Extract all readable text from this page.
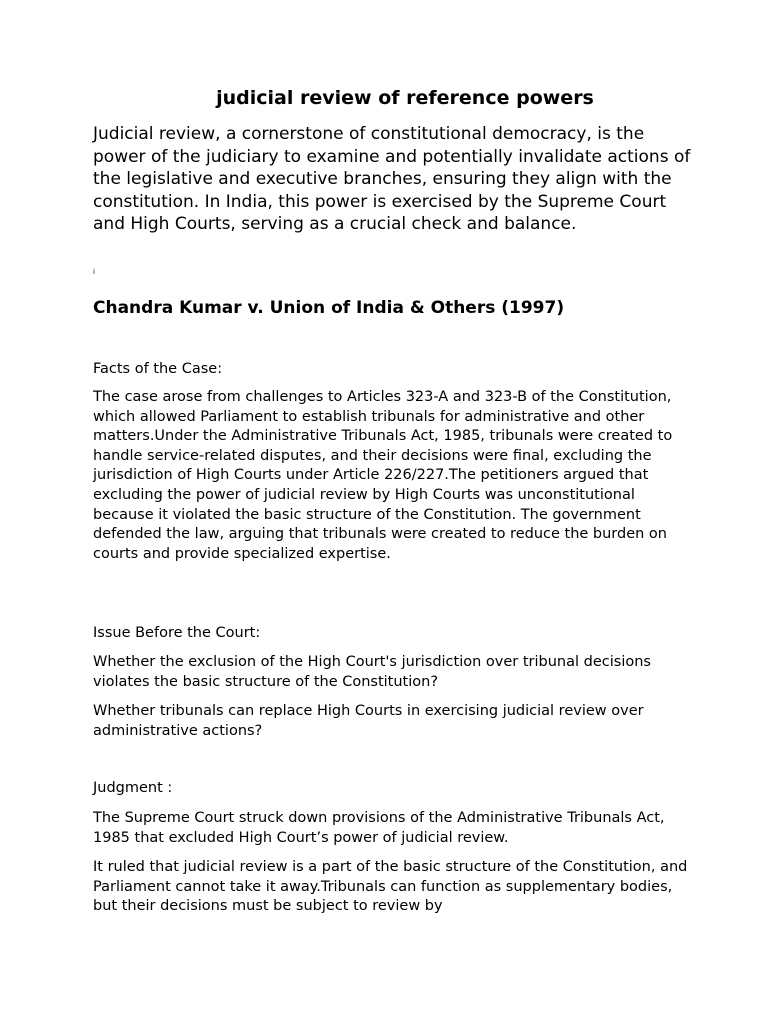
judicial review of reference powers

Judicial review, a cornerstone of constitutional democracy, is the power of the judiciary to examine and potentially invalidate actions of the legislative and executive branches, ensuring they align with the constitution. In India, this power is exercised by the Supreme Court and High Courts, serving as a crucial check and balance.

i

Chandra Kumar v. Union of India & Others (1997)

Facts of the Case:

The case arose from challenges to Articles 323-A and 323-B of the Constitution, which allowed Parliament to establish tribunals for administrative and other matters.Under the Administrative Tribunals Act, 1985, tribunals were created to handle service-related disputes, and their decisions were final, excluding the jurisdiction of High Courts under Article 226/227.The petitioners argued that excluding the power of judicial review by High Courts was unconstitutional because it violated the basic structure of the Constitution. The government defended the law, arguing that tribunals were created to reduce the burden on courts and provide specialized expertise.

Issue Before the Court:

Whether the exclusion of the High Court's jurisdiction over tribunal decisions violates the basic structure of the Constitution?

Whether tribunals can replace High Courts in exercising judicial review over administrative actions?

Judgment :

The Supreme Court struck down provisions of the Administrative Tribunals Act, 1985 that excluded High Court’s power of judicial review.

It ruled that judicial review is a part of the basic structure of the Constitution, and Parliament cannot take it away.Tribunals can function as supplementary bodies, but their decisions must be subject to review by
